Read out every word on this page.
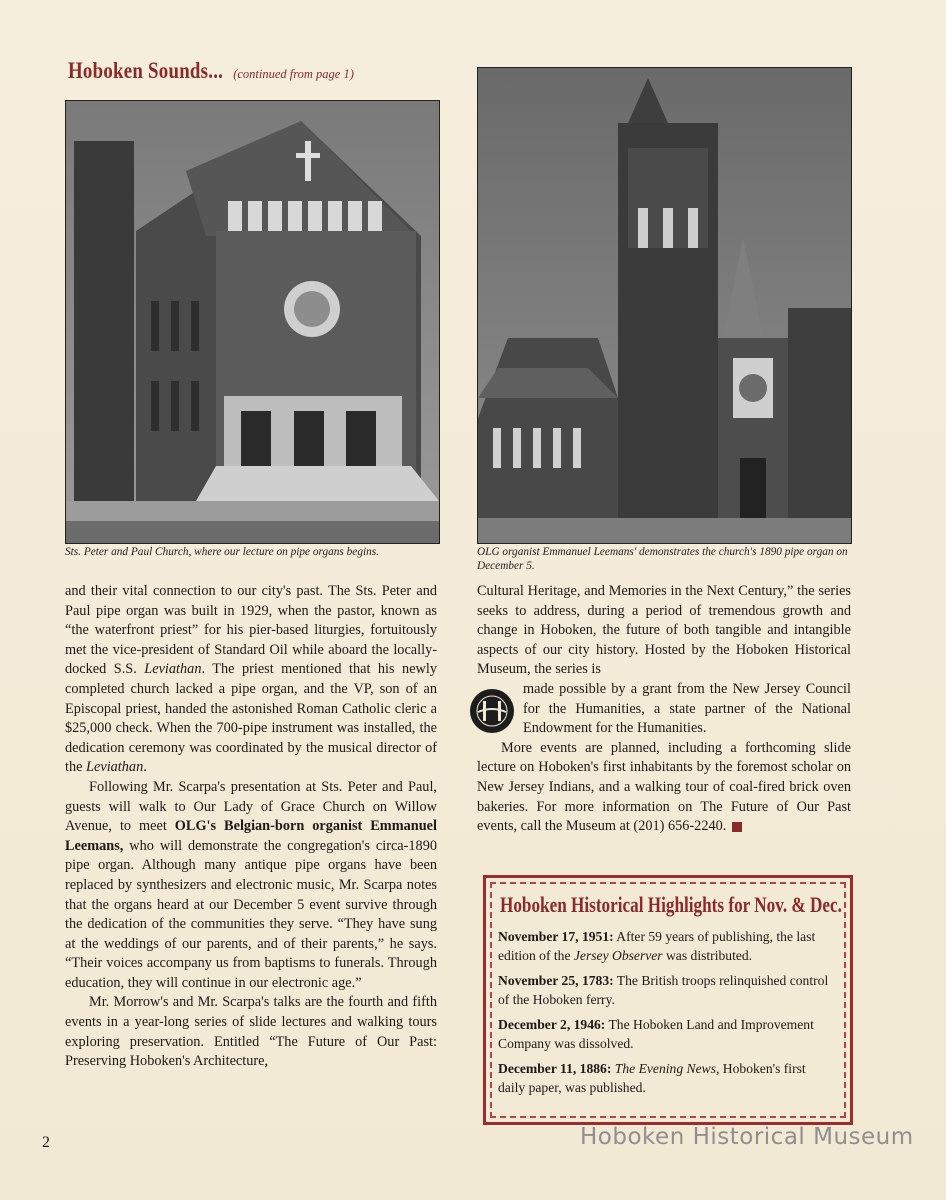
Hoboken Sounds... (continued from page 1)
Sts. Peter and Paul Church, where our lecture on pipe organs begins.	OLG organist Emmanuel Leemans' demonstrates the church's 1890 pipe organ on December 5.

and their vital connection to our city's past. The Sts. Peter and Paul pipe organ was built in 1929, when the pastor, known as “the waterfront priest” for his pier-based liturgies, fortuitously met the vice-president of Standard Oil while aboard the locally-docked S.S. Leviathan. The priest mentioned that his newly completed church lacked a pipe organ, and the VP, son of an Episcopal priest, handed the astonished Roman Catholic cleric a $25,000 check. When the 700-pipe instrument was installed, the dedication ceremony was coordinated by the musical director of the Leviathan.

Following Mr. Scarpa's presentation at Sts. Peter and Paul, guests will walk to Our Lady of Grace Church on Willow Avenue, to meet OLG's Belgian-born organist Emmanuel Leemans, who will demonstrate the congregation's circa-1890 pipe organ. Although many antique pipe organs have been replaced by synthesizers and electronic music, Mr. Scarpa notes that the organs heard at our December 5 event survive through the dedication of the communities they serve. “They have sung at the weddings of our parents, and of their parents,” he says. “Their voices accompany us from baptisms to funerals. Through education, they will continue in our electronic age.”

Mr. Morrow's and Mr. Scarpa's talks are the fourth and fifth events in a year-long series of slide lectures and walking tours exploring preservation. Entitled “The Future of Our Past: Preserving Hoboken's Architecture,

Cultural Heritage, and Memories in the Next Century,” the series seeks to address, during a period of tremendous growth and change in Hoboken, the future of both tangible and intangible aspects of our city history. Hosted by the Hoboken Historical Museum, the series is

made possible by a grant from the New Jersey Council for the Humanities, a state partner of the National Endowment for the Humanities.

More events are planned, including a forthcoming slide lecture on Hoboken's first inhabitants by the foremost scholar on New Jersey Indians, and a walking tour of coal-fired brick oven bakeries. For more information on The Future of Our Past events, call the Museum at (201) 656-2240.

Hoboken Historical Highlights for Nov. & Dec.
November 17, 1951: After 59 years of publishing, the last edition of the Jersey Observer was distributed.
November 25, 1783: The British troops relinquished control of the Hoboken ferry.
December 2, 1946: The Hoboken Land and Improvement Company was dissolved.
December 11, 1886: The Evening News, Hoboken's first daily paper, was published.
2	Hoboken Historical Museum
